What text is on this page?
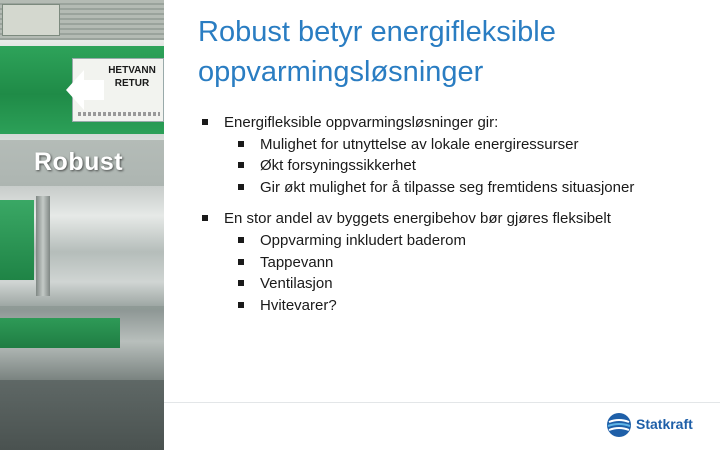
HETVANN
RETUR
Robust
Robust betyr energifleksible
oppvarmingsløsninger
Energifleksible oppvarmingsløsninger gir:
Mulighet for utnyttelse av lokale energiressurser
Økt forsyningssikkerhet
Gir økt mulighet for å tilpasse seg fremtidens situasjoner
En stor andel av byggets energibehov bør gjøres fleksibelt
Oppvarming inkludert baderom
Tappevann
Ventilasjon
Hvitevarer?
Statkraft
